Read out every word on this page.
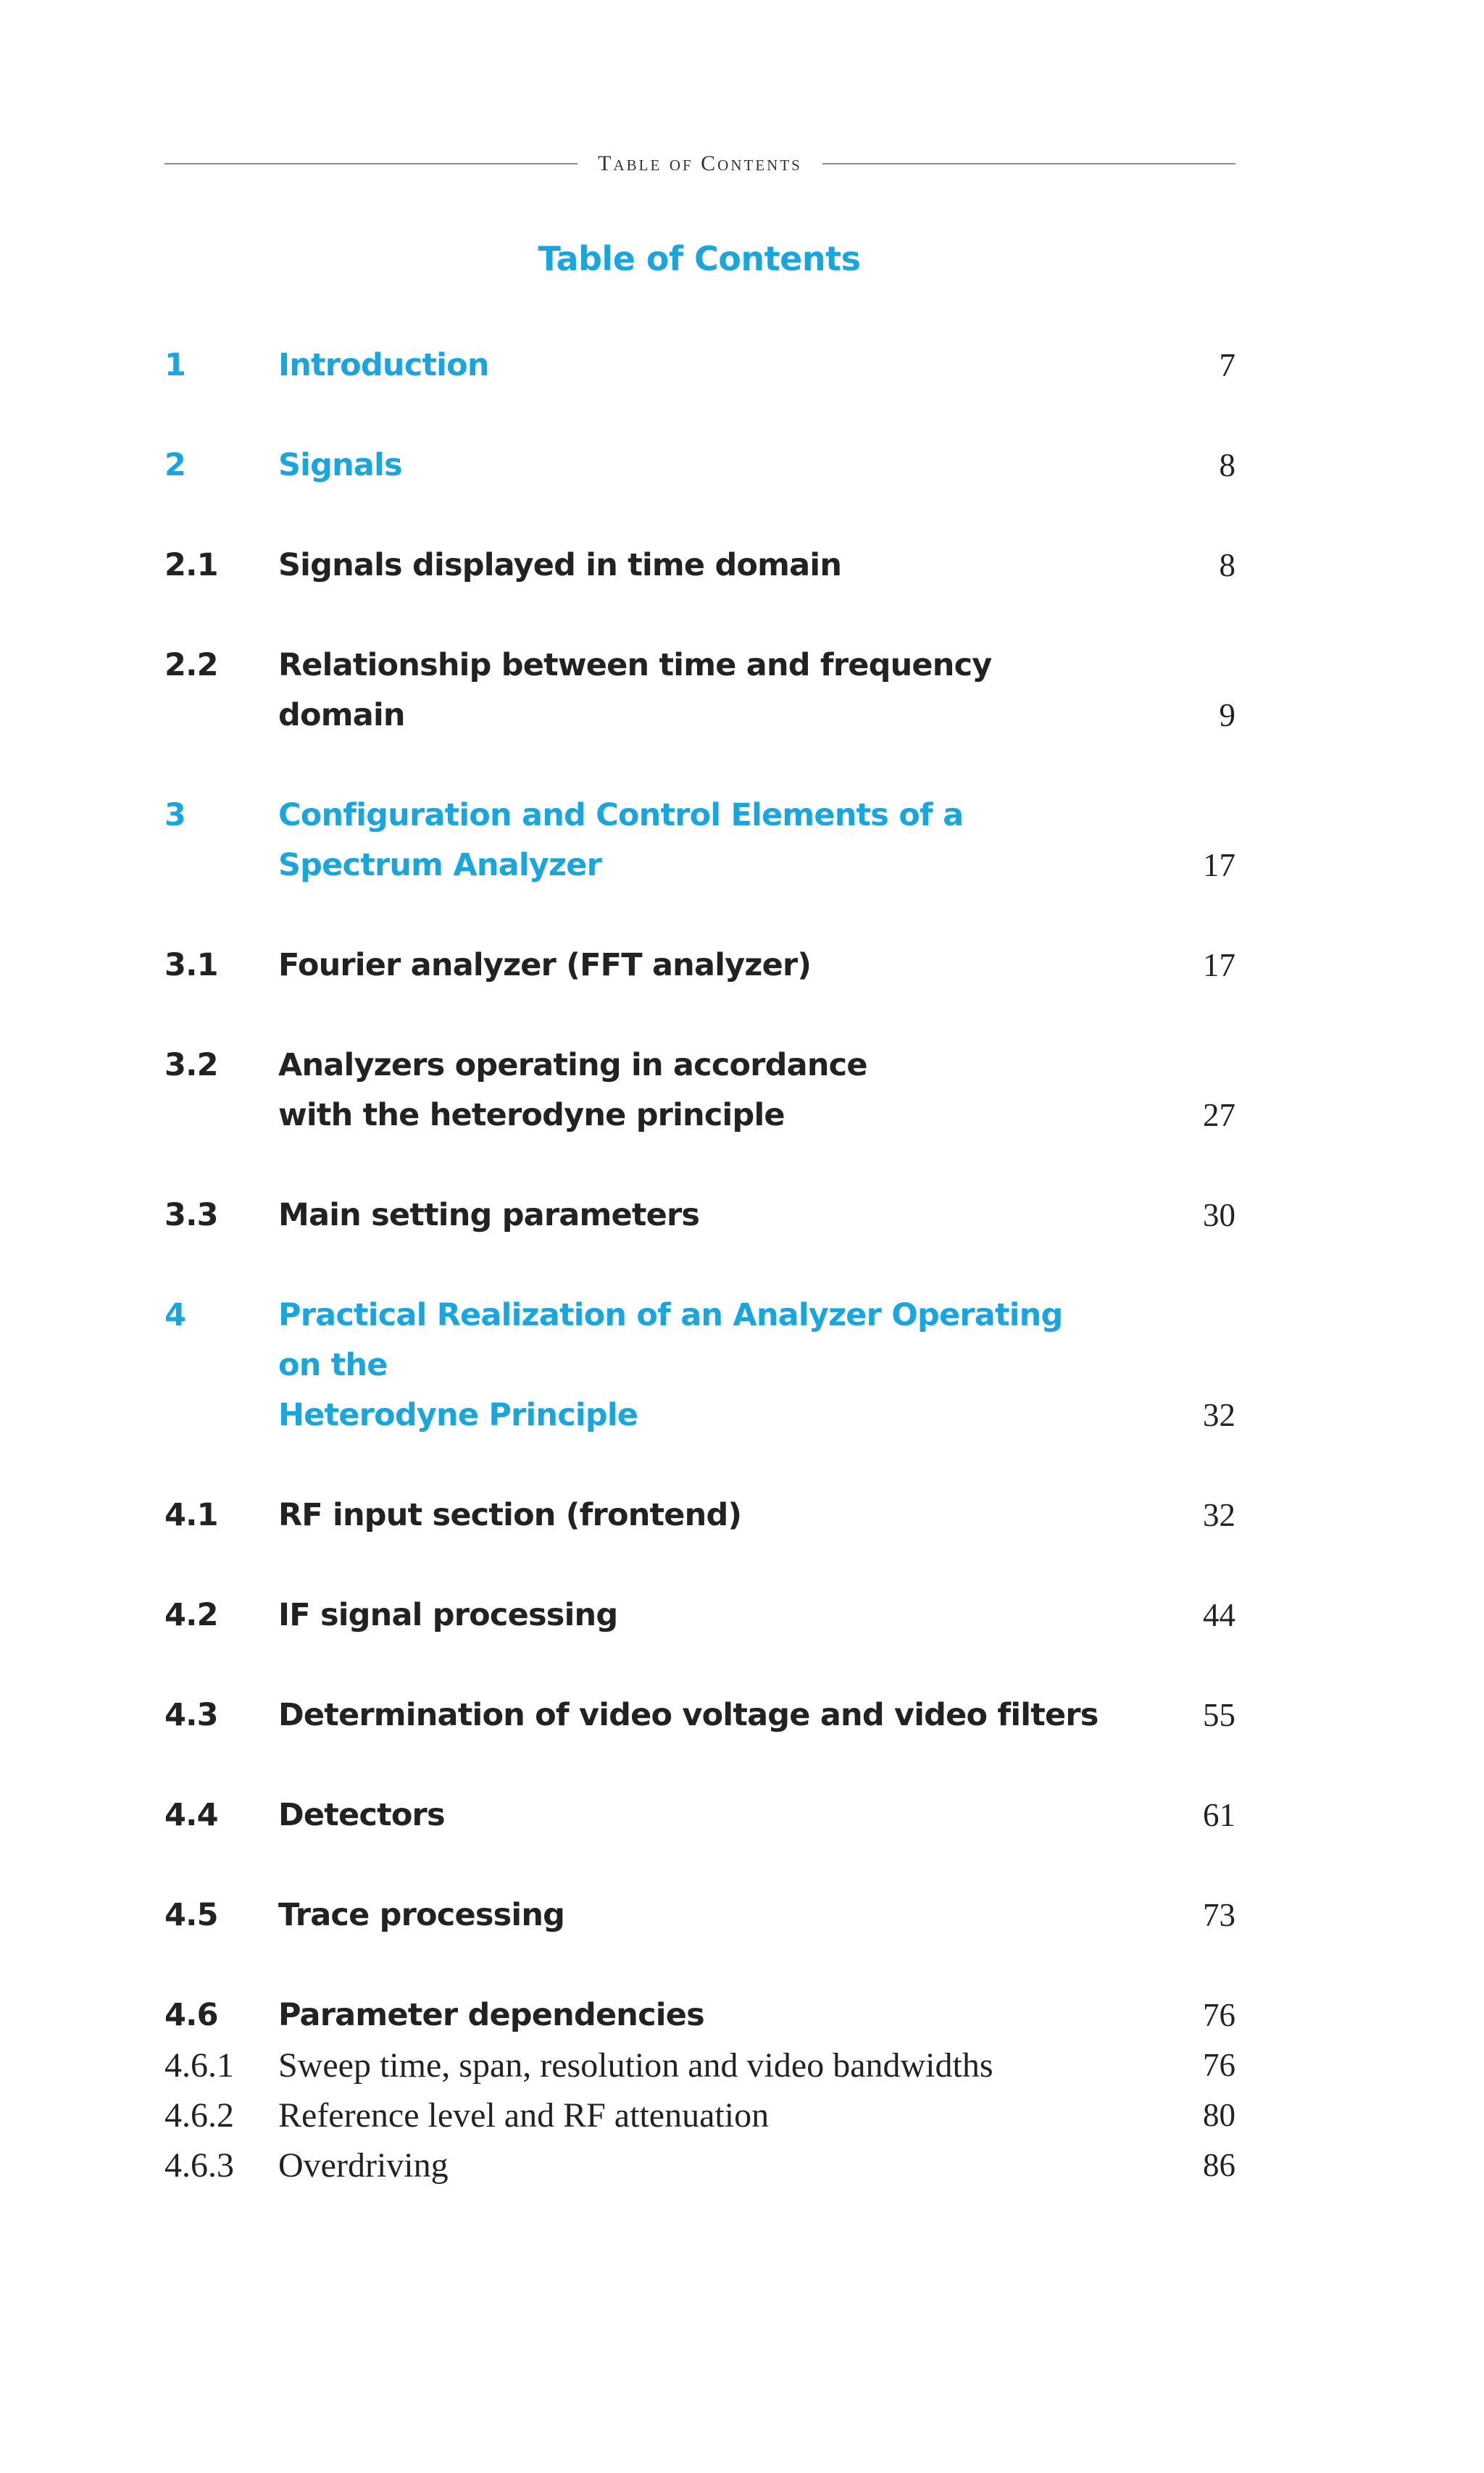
Table of Contents
Table of Contents
1	Introduction	7
2	Signals	8
2.1	Signals displayed in time domain	8
2.2	Relationship between time and frequency domain	9
3	Configuration and Control Elements of a
Spectrum Analyzer	17
3.1	Fourier analyzer (FFT analyzer)	17
3.2	Analyzers operating in accordance
with the heterodyne principle	27
3.3	Main setting parameters	30
4	Practical Realization of an Analyzer Operating on the
Heterodyne Principle	32
4.1	RF input section (frontend)	32
4.2	IF signal processing	44
4.3	Determination of video voltage and video filters	55
4.4	Detectors	61
4.5	Trace processing	73
4.6	Parameter dependencies	76
4.6.1	Sweep time, span, resolution and video bandwidths	76
4.6.2	Reference level and RF attenuation	80
4.6.3	Overdriving	86
